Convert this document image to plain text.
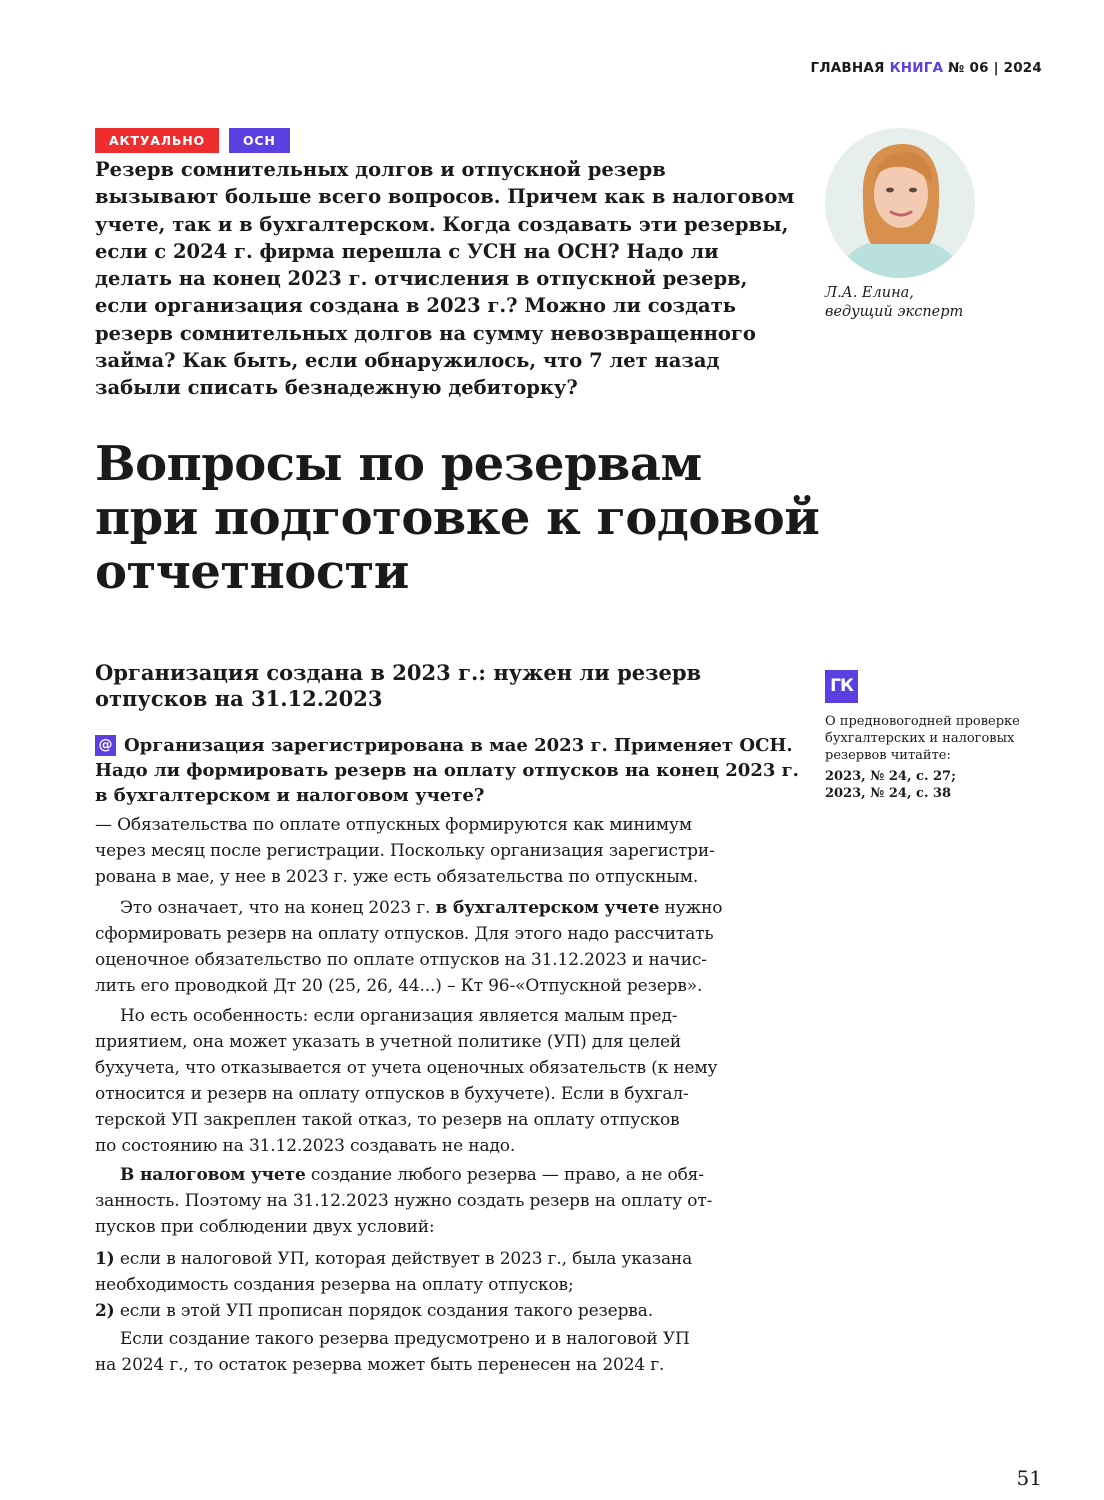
ГЛАВНАЯ КНИГА № 06 | 2024
АКТУАЛЬНО	ОСН

Резерв сомнительных долгов и отпускной резерв
вызывают больше всего вопросов. Причем как в налоговом
учете, так и в бухгалтерском. Когда создавать эти резервы,
если с 2024 г. фирма перешла с УСН на ОСН? Надо ли
делать на конец 2023 г. отчисления в отпускной резерв,
если организация создана в 2023 г.? Можно ли создать
резерв сомнительных долгов на сумму невозвращенного
займа? Как быть, если обнаружилось, что 7 лет назад
забыли списать безнадежную дебиторку?

Л.А. Елина,
ведущий эксперт
Вопросы по резервам
при подготовке к годовой
отчетности
Организация создана в 2023 г.: нужен ли резерв
отпусков на 31.12.2023
@ Организация зарегистрирована в мае 2023 г. Применяет ОСН.
Надо ли формировать резерв на оплату отпусков на конец 2023 г.
в бухгалтерском и налоговом учете?
— Обязательства по оплате отпускных формируются как минимум
через месяц после регистрации. Поскольку организация зарегистри-
рована в мае, у нее в 2023 г. уже есть обязательства по отпускным.
Это означает, что на конец 2023 г. в бухгалтерском учете нужно
сформировать резерв на оплату отпусков. Для этого надо рассчитать
оценочное обязательство по оплате отпусков на 31.12.2023 и начис-
лить его проводкой Дт 20 (25, 26, 44...) – Кт 96-«Отпускной резерв».
Но есть особенность: если организация является малым пред-
приятием, она может указать в учетной политике (УП) для целей
бухучета, что отказывается от учета оценочных обязательств (к нему
относится и резерв на оплату отпусков в бухучете). Если в бухгал-
терской УП закреплен такой отказ, то резерв на оплату отпусков
по состоянию на 31.12.2023 создавать не надо.
В налоговом учете создание любого резерва — право, а не обя-
занность. Поэтому на 31.12.2023 нужно создать резерв на оплату от-
пусков при соблюдении двух условий:
1) если в налоговой УП, которая действует в 2023 г., была указана
необходимость создания резерва на оплату отпусков;
2) если в этой УП прописан порядок создания такого резерва.
Если создание такого резерва предусмотрено и в налоговой УП
на 2024 г., то остаток резерва может быть перенесен на 2024 г.
ГК
О предновогодней проверке
бухгалтерских и налоговых
резервов читайте:
2023, № 24, с. 27;
2023, № 24, с. 38
51
